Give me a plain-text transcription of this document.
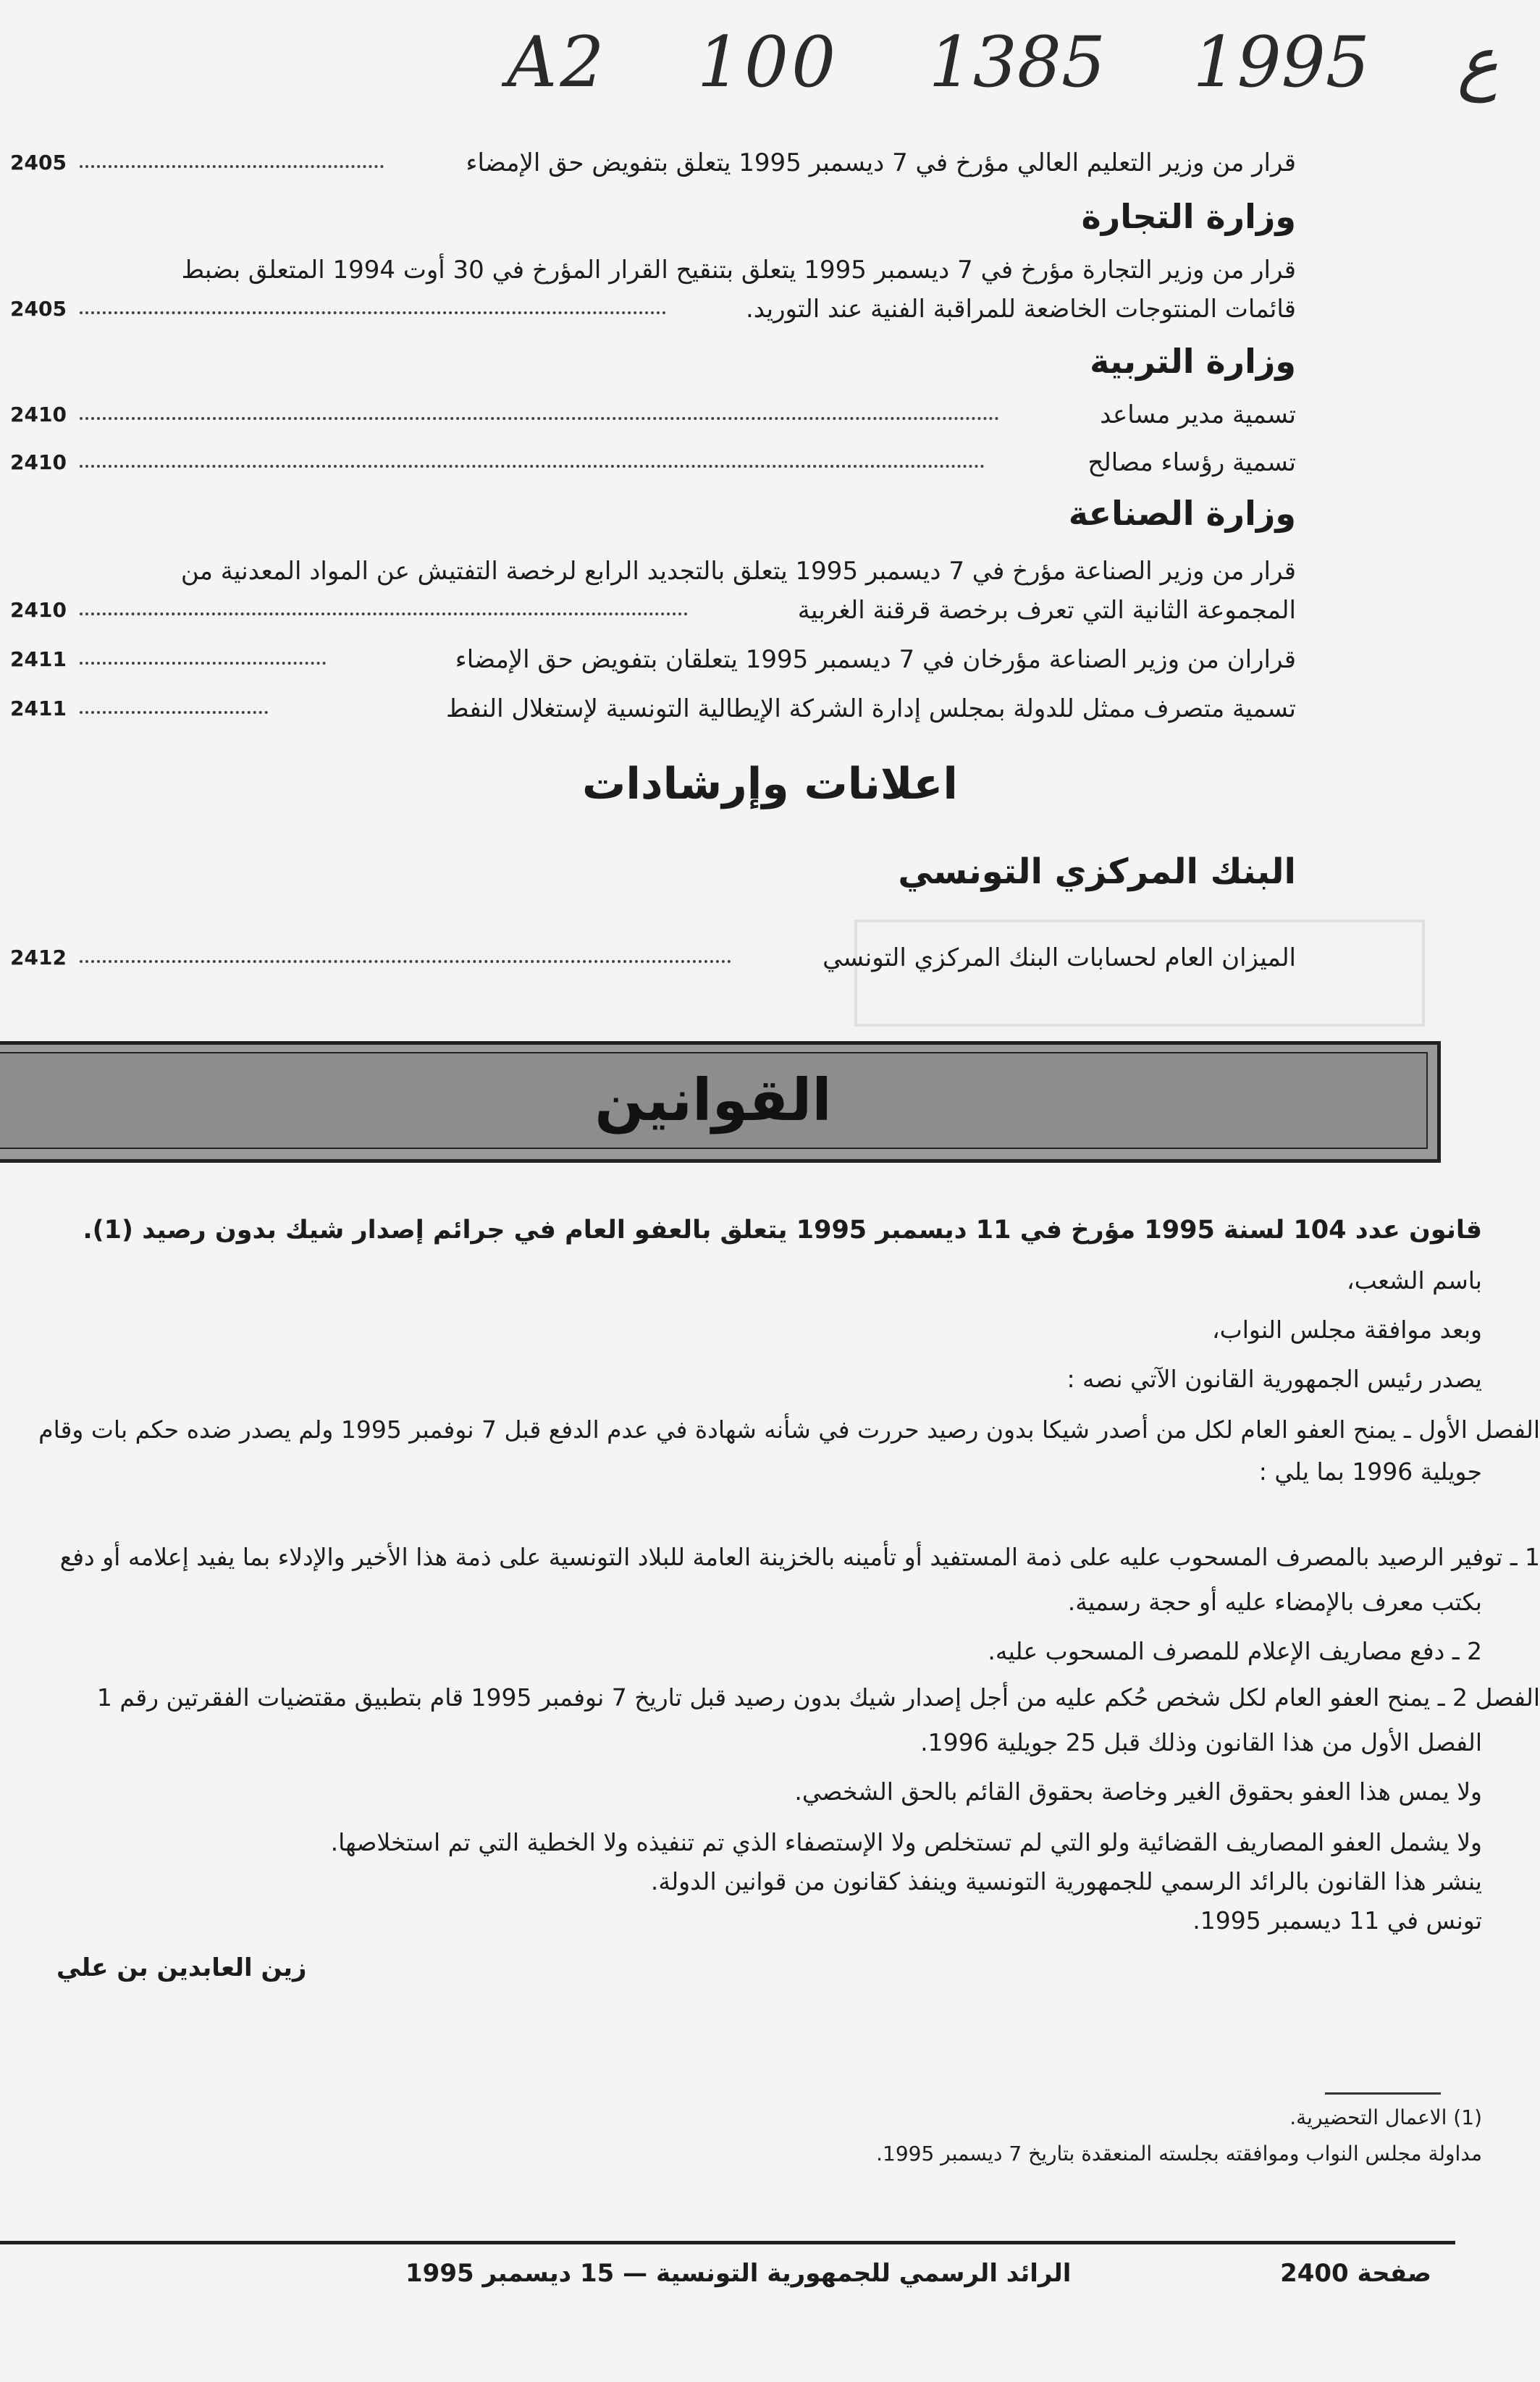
A2 100	ع 1995 1385
2405	قرار من وزير التعليم العالي مؤرخ في 7 ديسمبر 1995 يتعلق بتفويض حق الإمضاء
وزارة التجارة
قرار من وزير التجارة مؤرخ في 7 ديسمبر 1995 يتعلق بتنقيح القرار المؤرخ في 30 أوت 1994 المتعلق بضبط
2405	قائمات المنتوجات الخاضعة للمراقبة الفنية عند التوريد.
وزارة التربية
2410	تسمية مدير مساعد
2410	تسمية رؤساء مصالح
وزارة الصناعة
قرار من وزير الصناعة مؤرخ في 7 ديسمبر 1995 يتعلق بالتجديد الرابع لرخصة التفتيش عن المواد المعدنية من
2410	المجموعة الثانية التي تعرف برخصة قرقنة الغربية
2411	قراران من وزير الصناعة مؤرخان في 7 ديسمبر 1995 يتعلقان بتفويض حق الإمضاء
2411	تسمية متصرف ممثل للدولة بمجلس إدارة الشركة الإيطالية التونسية لإستغلال النفط
اعلانات وإرشادات
البنك المركزي التونسي
2412	الميزان العام لحسابات البنك المركزي التونسي
القوانين
قانون عدد 104 لسنة 1995 مؤرخ في 11 ديسمبر 1995 يتعلق بالعفو العام في جرائم إصدار شيك بدون رصيد (1).
باسم الشعب،
وبعد موافقة مجلس النواب،
يصدر رئيس الجمهورية القانون الآتي نصه :
الفصل الأول ـ يمنح العفو العام لكل من أصدر شيكا بدون رصيد حررت في شأنه شهادة في عدم الدفع قبل 7 نوفمبر 1995 ولم يصدر ضده حكم بات وقام
جويلية 1996 بما يلي :
1 ـ توفير الرصيد بالمصرف المسحوب عليه على ذمة المستفيد أو تأمينه بالخزينة العامة للبلاد التونسية على ذمة هذا الأخير والإدلاء بما يفيد إعلامه أو دفع
بكتب معرف بالإمضاء عليه أو حجة رسمية.
2 ـ دفع مصاريف الإعلام للمصرف المسحوب عليه.
الفصل 2 ـ يمنح العفو العام لكل شخص حُكم عليه من أجل إصدار شيك بدون رصيد قبل تاريخ 7 نوفمبر 1995 قام بتطبيق مقتضيات الفقرتين رقم 1
الفصل الأول من هذا القانون وذلك قبل 25 جويلية 1996.
ولا يمس هذا العفو بحقوق الغير وخاصة بحقوق القائم بالحق الشخصي.
ولا يشمل العفو المصاريف القضائية ولو التي لم تستخلص ولا الإستصفاء الذي تم تنفيذه ولا الخطية التي تم استخلاصها.
ينشر هذا القانون بالرائد الرسمي للجمهورية التونسية وينفذ كقانون من قوانين الدولة.
تونس في 11 ديسمبر 1995.
زين العابدين بن علي
(1) الاعمال التحضيرية.
مداولة مجلس النواب وموافقته بجلسته المنعقدة بتاريخ 7 ديسمبر 1995.
صفحة 2400
الرائد الرسمي للجمهورية التونسية — 15 ديسمبر 1995
